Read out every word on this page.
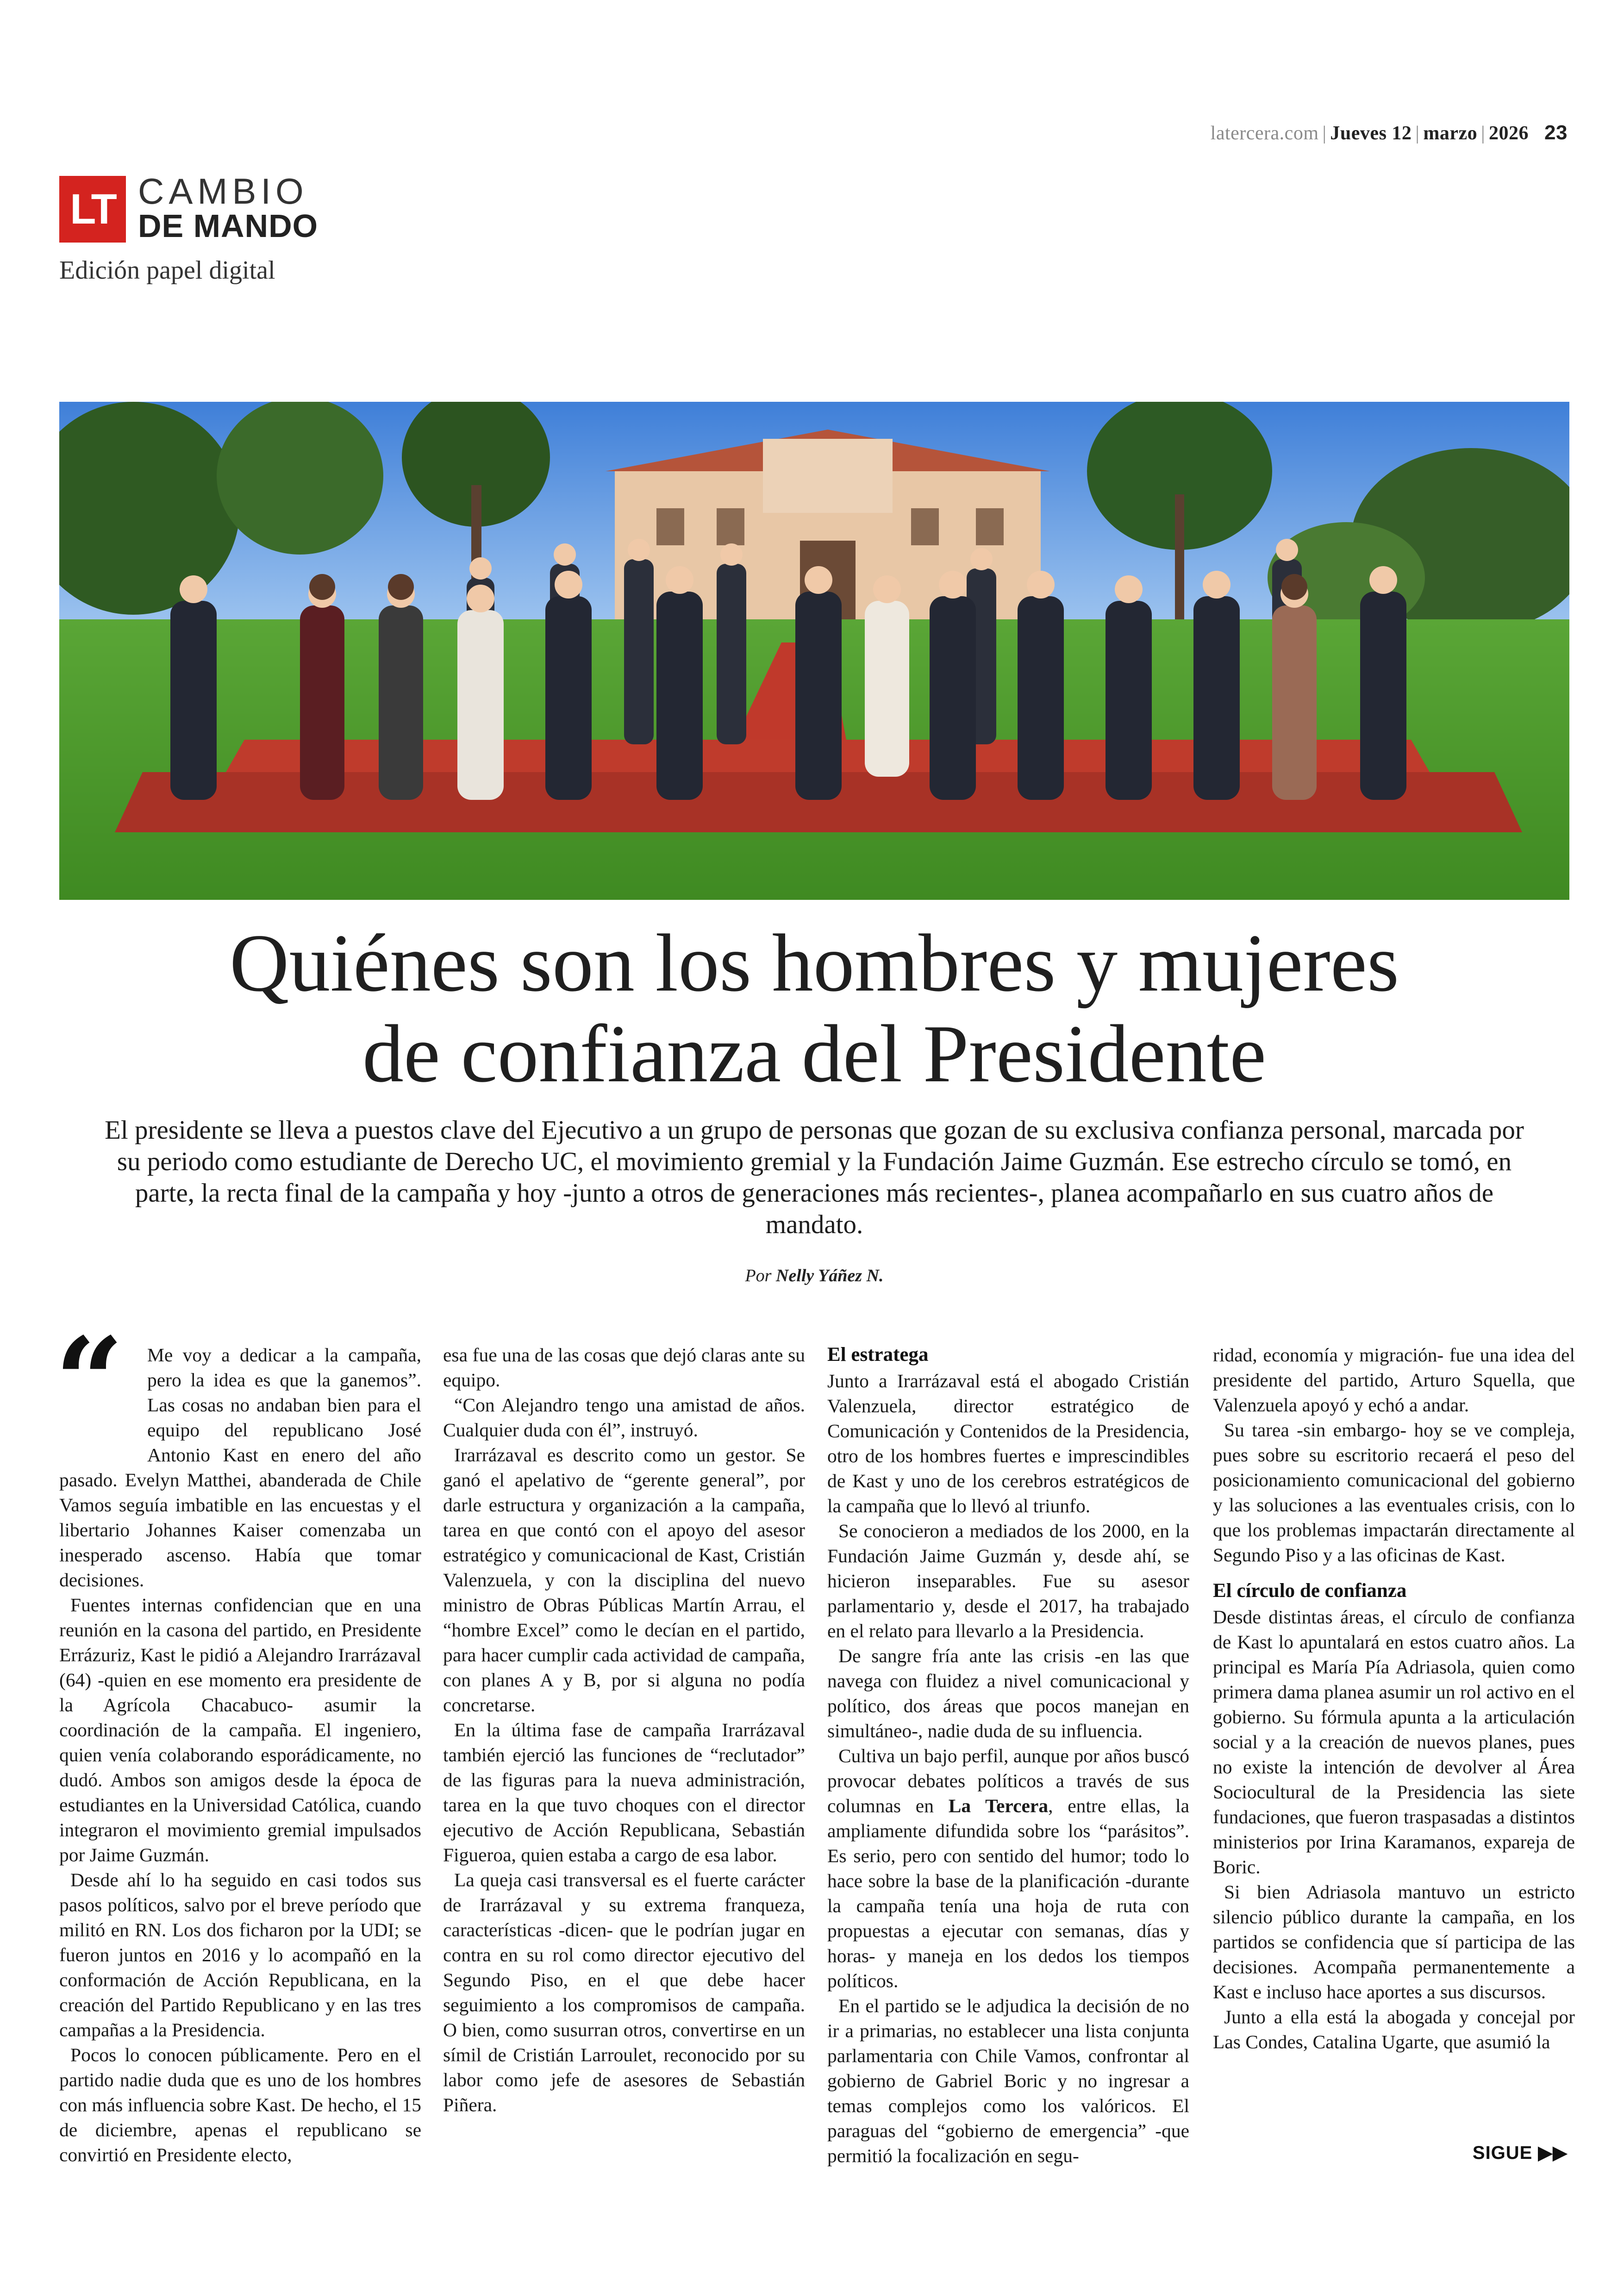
latercera.com | Jueves 12 | marzo | 2026 23
LT CAMBIO
DE MANDO
Edición papel digital
Quiénes son los hombres y mujeres
de confianza del Presidente
El presidente se lleva a puestos clave del Ejecutivo a un grupo de personas que gozan de su exclusiva confianza personal, marcada por su periodo como estudiante de Derecho UC, el movimiento gremial y la Fundación Jaime Guzmán. Ese estrecho círculo se tomó, en parte, la recta final de la campaña y hoy -junto a otros de generaciones más recientes-, planea acompañarlo en sus cuatro años de mandato.
Por Nelly Yáñez N.
“	Me voy a dedicar a la campaña, pero la idea es que la ganemos”. Las cosas no andaban bien para el equipo del republicano José Antonio Kast en enero del año pasado. Evelyn Matthei, abanderada de Chile Vamos seguía imbatible en las encuestas y el libertario Johannes Kaiser comenzaba un inesperado ascenso. Había que tomar decisiones.

Fuentes internas confidencian que en una reunión en la casona del partido, en Presidente Errázuriz, Kast le pidió a Alejandro Irarrázaval (64) -quien en ese momento era presidente de la Agrícola Chacabuco- asumir la coordinación de la campaña. El ingeniero, quien venía colaborando esporádicamente, no dudó. Ambos son amigos desde la época de estudiantes en la Universidad Católica, cuando integraron el movimiento gremial impulsados por Jaime Guzmán.

Desde ahí lo ha seguido en casi todos sus pasos políticos, salvo por el breve período que militó en RN. Los dos ficharon por la UDI; se fueron juntos en 2016 y lo acompañó en la conformación de Acción Republicana, en la creación del Partido Republicano y en las tres campañas a la Presidencia.

Pocos lo conocen públicamente. Pero en el partido nadie duda que es uno de los hombres con más influencia sobre Kast. De hecho, el 15 de diciembre, apenas el republicano se convirtió en Presidente electo,

esa fue una de las cosas que dejó claras ante su equipo.

“Con Alejandro tengo una amistad de años. Cualquier duda con él”, instruyó.

Irarrázaval es descrito como un gestor. Se ganó el apelativo de “gerente general”, por darle estructura y organización a la campaña, tarea en que contó con el apoyo del asesor estratégico y comunicacional de Kast, Cristián Valenzuela, y con la disciplina del nuevo ministro de Obras Públicas Martín Arrau, el “hombre Excel” como le decían en el partido, para hacer cumplir cada actividad de campaña, con planes A y B, por si alguna no podía concretarse.

En la última fase de campaña Irarrázaval también ejerció las funciones de “reclutador” de las figuras para la nueva administración, tarea en la que tuvo choques con el director ejecutivo de Acción Republicana, Sebastián Figueroa, quien estaba a cargo de esa labor.

La queja casi transversal es el fuerte carácter de Irarrázaval y su extrema franqueza, características -dicen- que le podrían jugar en contra en su rol como director ejecutivo del Segundo Piso, en el que debe hacer seguimiento a los compromisos de campaña. O bien, como susurran otros, convertirse en un símil de Cristián Larroulet, reconocido por su labor como jefe de asesores de Sebastián Piñera.

El estratega

Junto a Irarrázaval está el abogado Cristián Valenzuela, director estratégico de Comunicación y Contenidos de la Presidencia, otro de los hombres fuertes e imprescindibles de Kast y uno de los cerebros estratégicos de la campaña que lo llevó al triunfo.

Se conocieron a mediados de los 2000, en la Fundación Jaime Guzmán y, desde ahí, se hicieron inseparables. Fue su asesor parlamentario y, desde el 2017, ha trabajado en el relato para llevarlo a la Presidencia.

De sangre fría ante las crisis -en las que navega con fluidez a nivel comunicacional y político, dos áreas que pocos manejan en simultáneo-, nadie duda de su influencia.

Cultiva un bajo perfil, aunque por años buscó provocar debates políticos a través de sus columnas en La Tercera, entre ellas, la ampliamente difundida sobre los “parásitos”. Es serio, pero con sentido del humor; todo lo hace sobre la base de la planificación -durante la campaña tenía una hoja de ruta con propuestas a ejecutar con semanas, días y horas- y maneja en los dedos los tiempos políticos.

En el partido se le adjudica la decisión de no ir a primarias, no establecer una lista conjunta parlamentaria con Chile Vamos, confrontar al gobierno de Gabriel Boric y no ingresar a temas complejos como los valóricos. El paraguas del “gobierno de emergencia” -que permitió la focalización en segu-

ridad, economía y migración- fue una idea del presidente del partido, Arturo Squella, que Valenzuela apoyó y echó a andar.

Su tarea -sin embargo- hoy se ve compleja, pues sobre su escritorio recaerá el peso del posicionamiento comunicacional del gobierno y las soluciones a las eventuales crisis, con lo que los problemas impactarán directamente al Segundo Piso y a las oficinas de Kast.

El círculo de confianza

Desde distintas áreas, el círculo de confianza de Kast lo apuntalará en estos cuatro años. La principal es María Pía Adriasola, quien como primera dama planea asumir un rol activo en el gobierno. Su fórmula apunta a la articulación social y a la creación de nuevos planes, pues no existe la intención de devolver al Área Sociocultural de la Presidencia las siete fundaciones, que fueron traspasadas a distintos ministerios por Irina Karamanos, expareja de Boric.

Si bien Adriasola mantuvo un estricto silencio público durante la campaña, en los partidos se confidencia que sí participa de las decisiones. Acompaña permanentemente a Kast e incluso hace aportes a sus discursos.

Junto a ella está la abogada y concejal por Las Condes, Catalina Ugarte, que asumió la

SIGUE ▶▶
